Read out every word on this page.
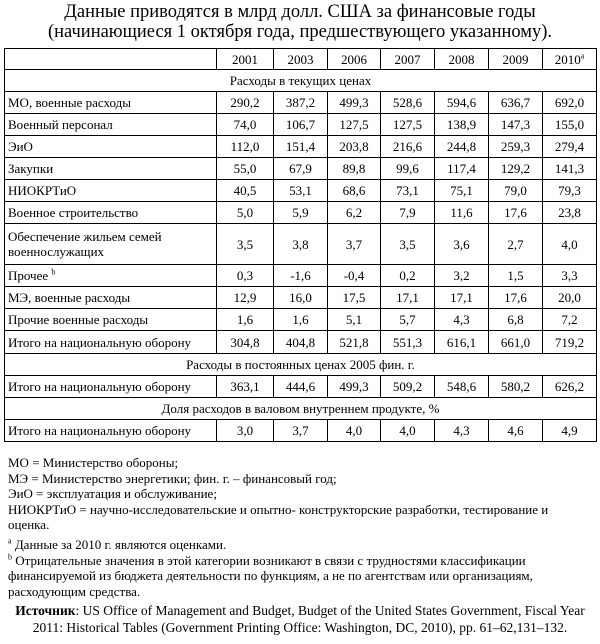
Данные приводятся в млрд долл. США за финансовые годы
(начинающиеся 1 октября года, предшествующего указанному).
	2001	2003	2006	2007	2008	2009	2010$^a$
Расходы в текущих ценах							
МО, военные расходы	290,2	387,2	499,3	528,6	594,6	636,7	692,0
Военный персонал	74,0	106,7	127,5	127,5	138,9	147,3	155,0
ЭиО	112,0	151,4	203,8	216,6	244,8	259,3	279,4
Закупки	55,0	67,9	89,8	99,6	117,4	129,2	141,3
НИОКРТиО	40,5	53,1	68,6	73,1	75,1	79,0	79,3
Военное строительство	5,0	5,9	6,2	7,9	11,6	17,6	23,8
Обеспечение жильем семей военнослужащих	3,5	3,8	3,7	3,5	3,6	2,7	4,0
Прочее $^b$	0,3	-1,6	-0,4	0,2	3,2	1,5	3,3
МЭ, военные расходы	12,9	16,0	17,5	17,1	17,1	17,6	20,0
Прочие военные расходы	1,6	1,6	5,1	5,7	4,3	6,8	7,2
Итого на национальную оборону	304,8	404,8	521,8	551,3	616,1	661,0	719,2
Расходы в постоянных ценах 2005 фин. г.							
Итого на национальную оборону	363,1	444,6	499,3	509,2	548,6	580,2	626,2
Доля расходов в валовом внутреннем продукте, %							
Итого на национальную оборону	3,0	3,7	4,0	4,0	4,3	4,6	4,9

МО = Министерство обороны;

МЭ = Министерство энергетики; фин. г. – финансовый год;

ЭиО = эксплуатация и обслуживание;

НИОКРТиО = научно-исследовательские и опытно- конструкторские разработки, тестирование и оценка.

$^a$ Данные за 2010 г. являются оценками.

$^b$ Отрицательные значения в этой категории возникают в связи с трудностями классификации финансируемой из бюджета деятельности по функциям, а не по агентствам или организациям, расходующим средства.

Источник: US Office of Management and Budget, Budget of the United States Government, Fiscal Year 2011: Historical Tables (Government Printing Office: Washington, DC, 2010), pp. 61–62,131–132.
